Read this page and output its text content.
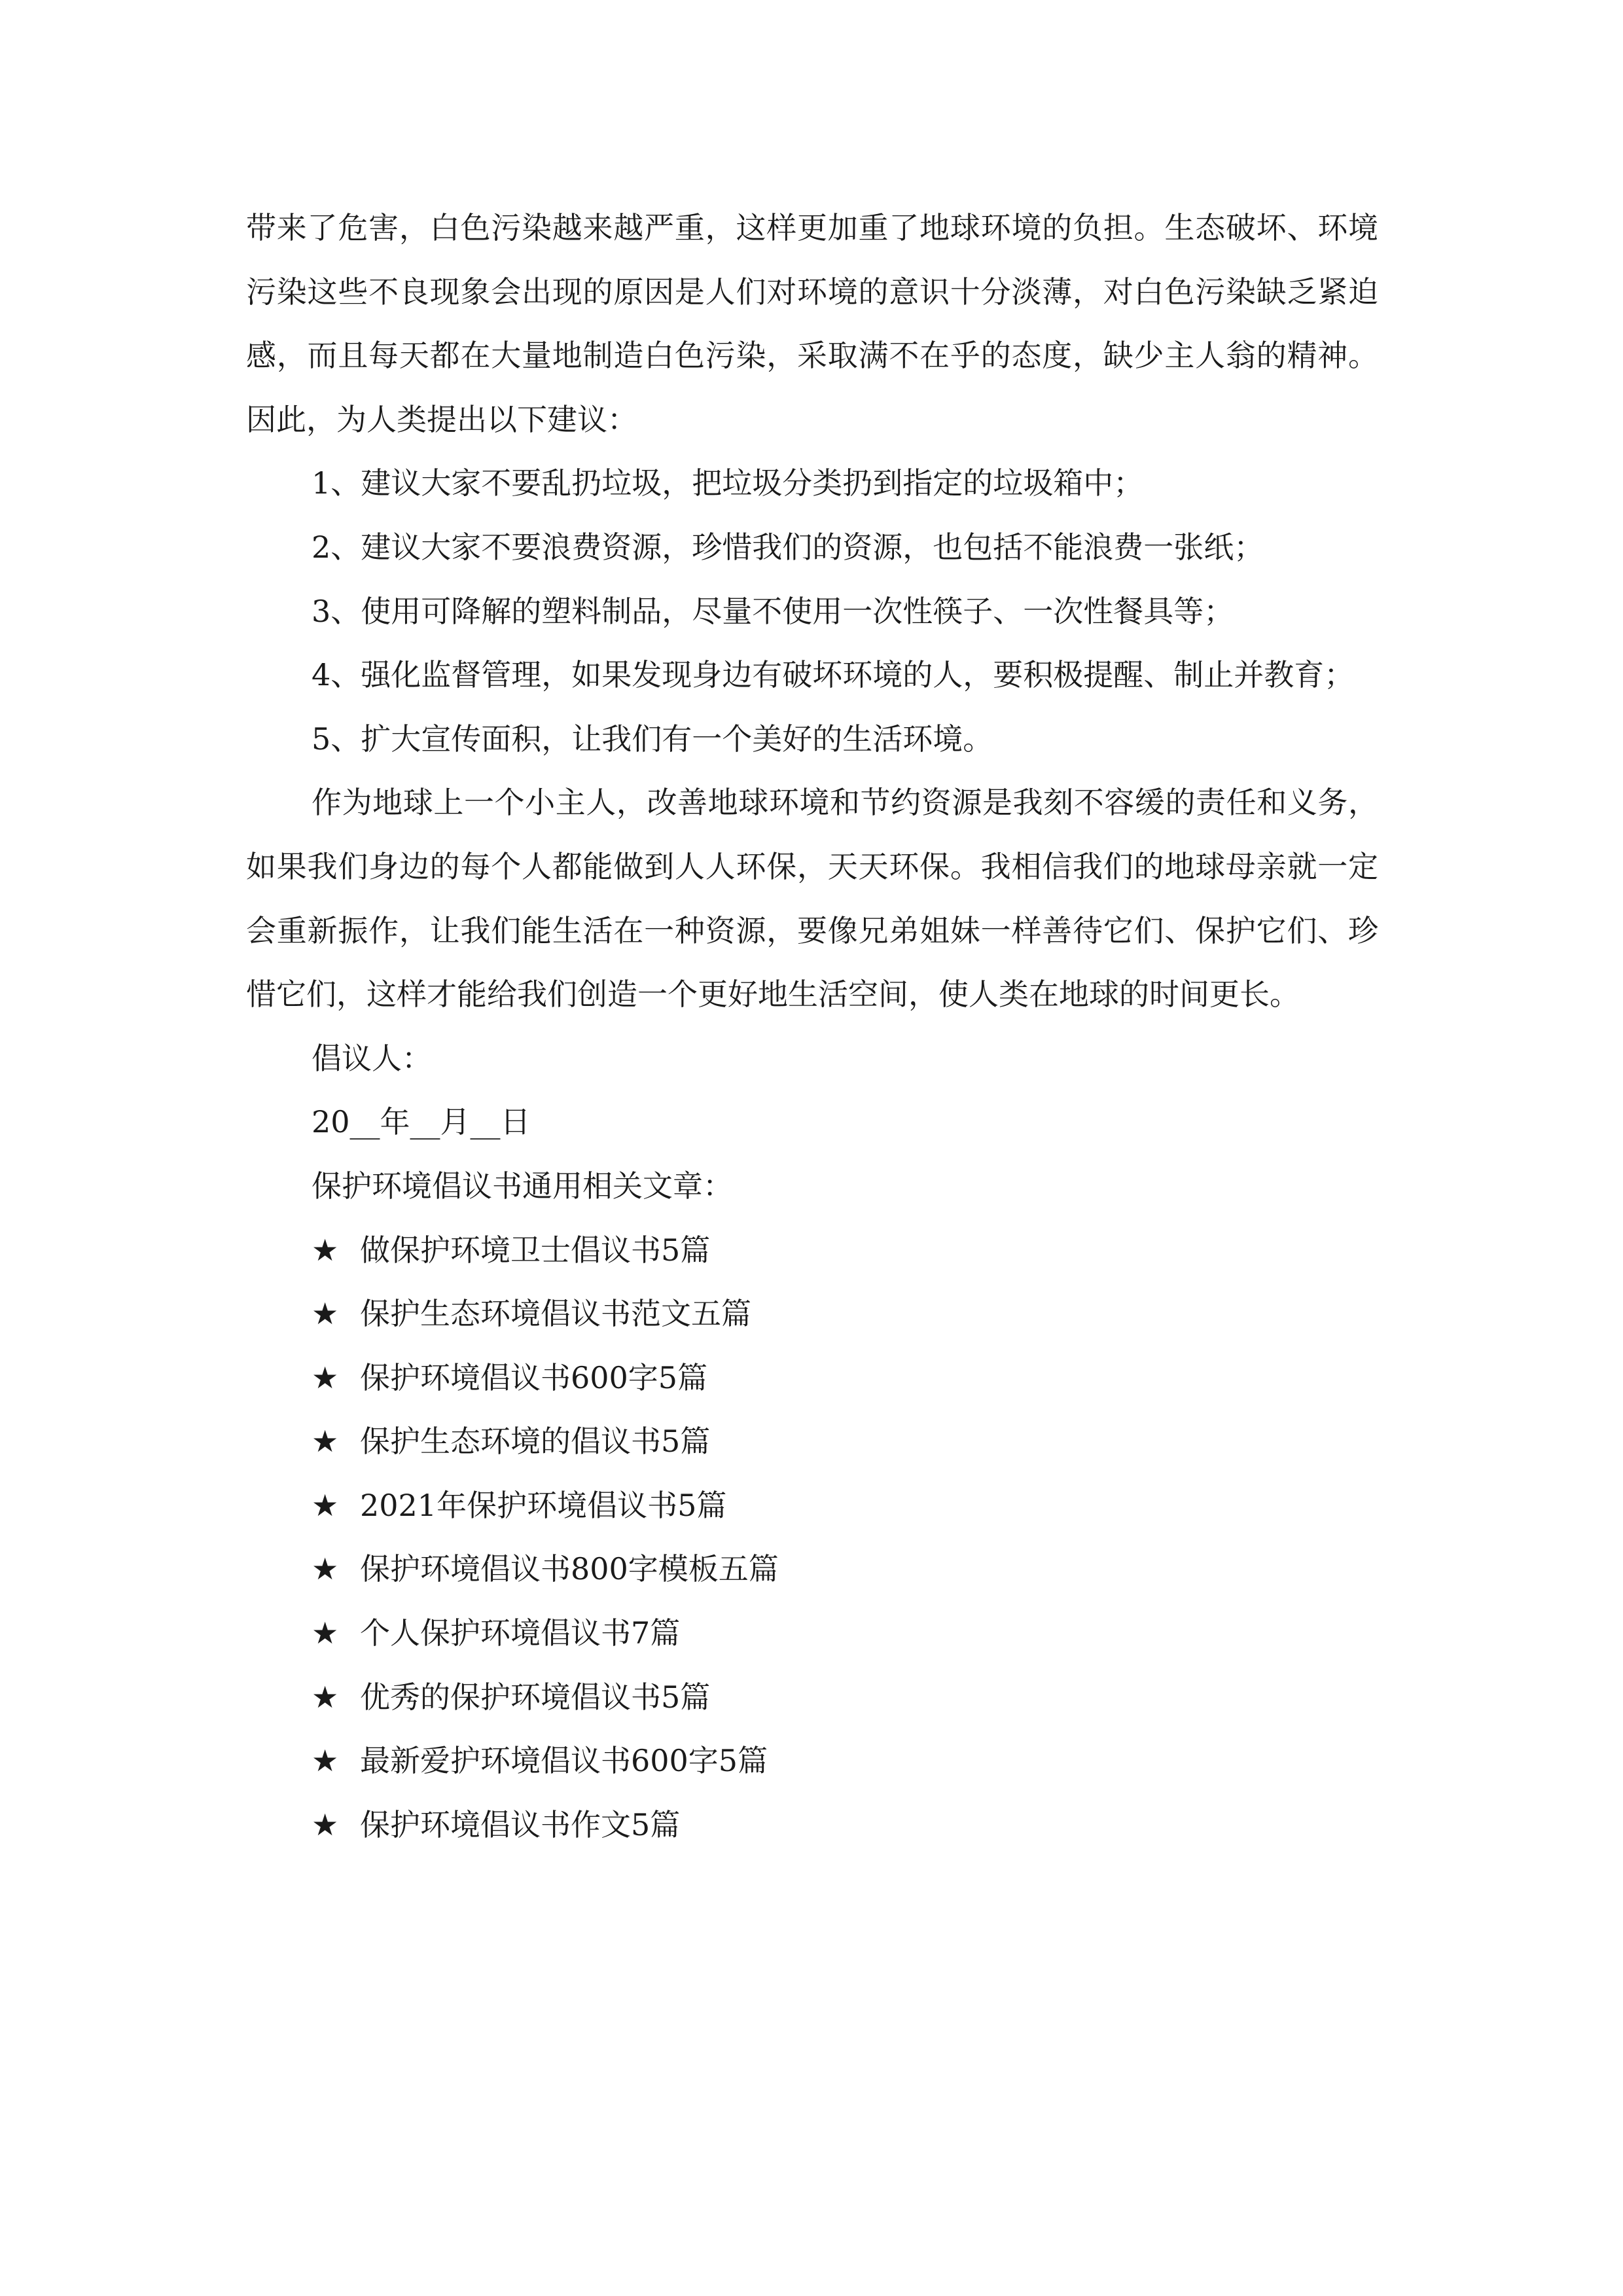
带来了危害，白色污染越来越严重，这样更加重了地球环境的负担。生态破坏、环境污染这些不良现象会出现的原因是人们对环境的意识十分淡薄，对白色污染缺乏紧迫感，而且每天都在大量地制造白色污染，采取满不在乎的态度，缺少主人翁的精神。因此，为人类提出以下建议：

1、建议大家不要乱扔垃圾，把垃圾分类扔到指定的垃圾箱中；

2、建议大家不要浪费资源，珍惜我们的资源，也包括不能浪费一张纸；

3、使用可降解的塑料制品，尽量不使用一次性筷子、一次性餐具等；

4、强化监督管理，如果发现身边有破坏环境的人，要积极提醒、制止并教育；

5、扩大宣传面积，让我们有一个美好的生活环境。

作为地球上一个小主人，改善地球环境和节约资源是我刻不容缓的责任和义务，如果我们身边的每个人都能做到人人环保，天天环保。我相信我们的地球母亲就一定会重新振作，让我们能生活在一种资源，要像兄弟姐妹一样善待它们、保护它们、珍惜它们，这样才能给我们创造一个更好地生活空间，使人类在地球的时间更长。

倡议人：

20__年__月__日

保护环境倡议书通用相关文章：

★ 做保护环境卫士倡议书5篇
★ 保护生态环境倡议书范文五篇
★ 保护环境倡议书600字5篇
★ 保护生态环境的倡议书5篇
★ 2021年保护环境倡议书5篇
★ 保护环境倡议书800字模板五篇
★ 个人保护环境倡议书7篇
★ 优秀的保护环境倡议书5篇
★ 最新爱护环境倡议书600字5篇
★ 保护环境倡议书作文5篇
